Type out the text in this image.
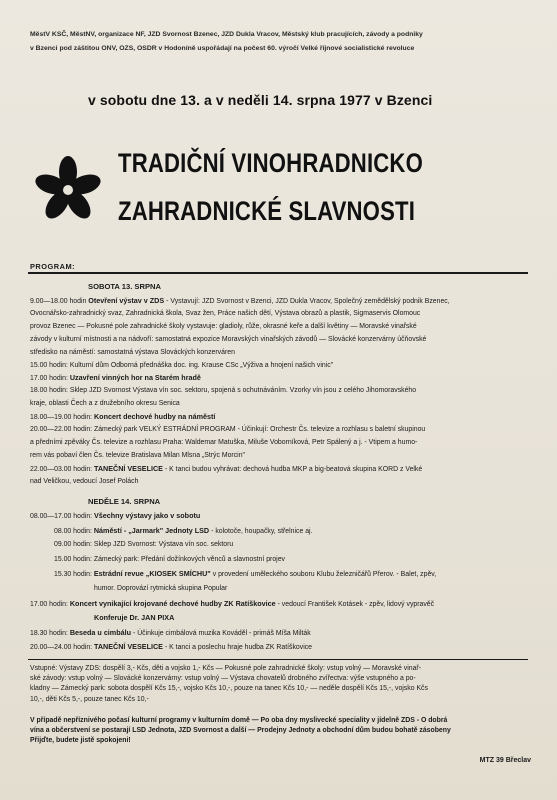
MěstV KSČ, MěstNV, organizace NF, JZD Svornost Bzenec, JZD Dukla Vracov, Městský klub pracujících, závody a podniky
v Bzenci pod záštitou ONV, OZS, OSDR v Hodoníně uspořádají na počest 60. výročí Velké říjnové socialistické revoluce
v sobotu dne 13. a v neděli 14. srpna 1977 v Bzenci
TRADIČNÍ VINOHRADNICKO
ZAHRADNICKÉ SLAVNOSTI
PROGRAM:
SOBOTA 13. SRPNA
9.00—18.00 hodin Otevření výstav v ZDS - Vystavují: JZD Svornost v Bzenci, JZD Dukla Vracov, Společný zemědělský podnik Bzenec,
Ovocnářsko-zahradnický svaz, Zahradnická škola, Svaz žen, Práce našich dětí, Výstava obrazů a plastik, Sigmaservis Olomouc
provoz Bzenec — Pokusné pole zahradnické školy vystavuje: gladioly, růže, okrasné keře a další květiny — Moravské vinařské
závody v kulturní místnosti a na nádvoří: samostatná expozice Moravských vinařských závodů — Slovácké konzervárny účňovské
středisko na náměstí: samostatná výstava Slováckých konzerváren
15.00 hodin: Kulturní dům Odborná přednáška doc. ing. Krause CSc „Výživa a hnojení našich vinic"
17.00 hodin: Uzavření vinných hor na Starém hradě
18.00 hodin: Sklep JZD Svornost Výstava vín soc. sektoru, spojená s ochutnáváním. Vzorky vín jsou z celého Jihomoravského
kraje, oblasti Čech a z družebního okresu Senica
18.00—19.00 hodin: Koncert dechové hudby na náměstí
20.00—22.00 hodin: Zámecký park VELKÝ ESTRÁDNÍ PROGRAM - Účinkují: Orchestr Čs. televize a rozhlasu s baletní skupinou
a předními zpěváky Čs. televize a rozhlasu Praha: Waldemar Matuška, Miluše Voborníková, Petr Spálený a j. - Vtipem a humo-
rem vás pobaví člen Čs. televize Bratislava Milan Mlsna „Strýc Morcin"
22.00—03.00 hodin: TANEČNÍ VESELICE - K tanci budou vyhrávat: dechová hudba MKP a big-beatová skupina KORD z Velké
nad Veličkou, vedoucí Josef Polách
NEDĚLE 14. SRPNA
08.00—17.00 hodin: Všechny výstavy jako v sobotu
08.00 hodin: Náměstí - „Jarmark" Jednoty LSD - kolotoče, houpačky, střelnice aj.
09.00 hodin: Sklep JZD Svornost: Výstava vín soc. sektoru
15.00 hodin: Zámecký park: Předání dožínkových věnců a slavnostní projev
15.30 hodin: Estrádní revue „KIOSEK SMÍCHU" v provedení uměleckého souboru Klubu železničářů Přerov. - Balet, zpěv,
humor. Doprovází rytmická skupina Popular
17.00 hodin: Koncert vynikající krojované dechové hudby ZK Ratíškovice - vedoucí František Kotásek - zpěv, lidový vypravěč
Konferuje Dr. JAN PIXA
18.30 hodin: Beseda u cimbálu - Účinkuje cimbálová muzika Kováděl - primáš Míša Milták
20.00—24.00 hodin: TANEČNÍ VESELICE - K tanci a poslechu hraje hudba ZK Ratíškovice
Vstupné: Výstavy ZDS: dospělí 3,- Kčs, děti a vojsko 1,- Kčs — Pokusné pole zahradnické školy: vstup volný — Moravské vinař-
ské závody: vstup volný — Slovácké konzervárny: vstup volný — Výstava chovatelů drobného zvířectva: výše vstupného a po-
kladny — Zámecký park: sobota dospělí Kčs 15,-, vojsko Kčs 10,-, pouze na tanec Kčs 10,- — neděle dospělí Kčs 15,-, vojsko Kčs
10,-, děti Kčs 5,-, pouze tanec Kčs 10,-
V případě nepříznivého počasí kulturní programy v kulturním domě — Po oba dny myslivecké speciality v jídelně ZDS - O dobrá
vína a občerstvení se postarají LSD Jednota, JZD Svornost a další — Prodejny Jednoty a obchodní dům budou bohatě zásobeny
Přijďte, budete jistě spokojeni!
MTZ 39 Břeclav
